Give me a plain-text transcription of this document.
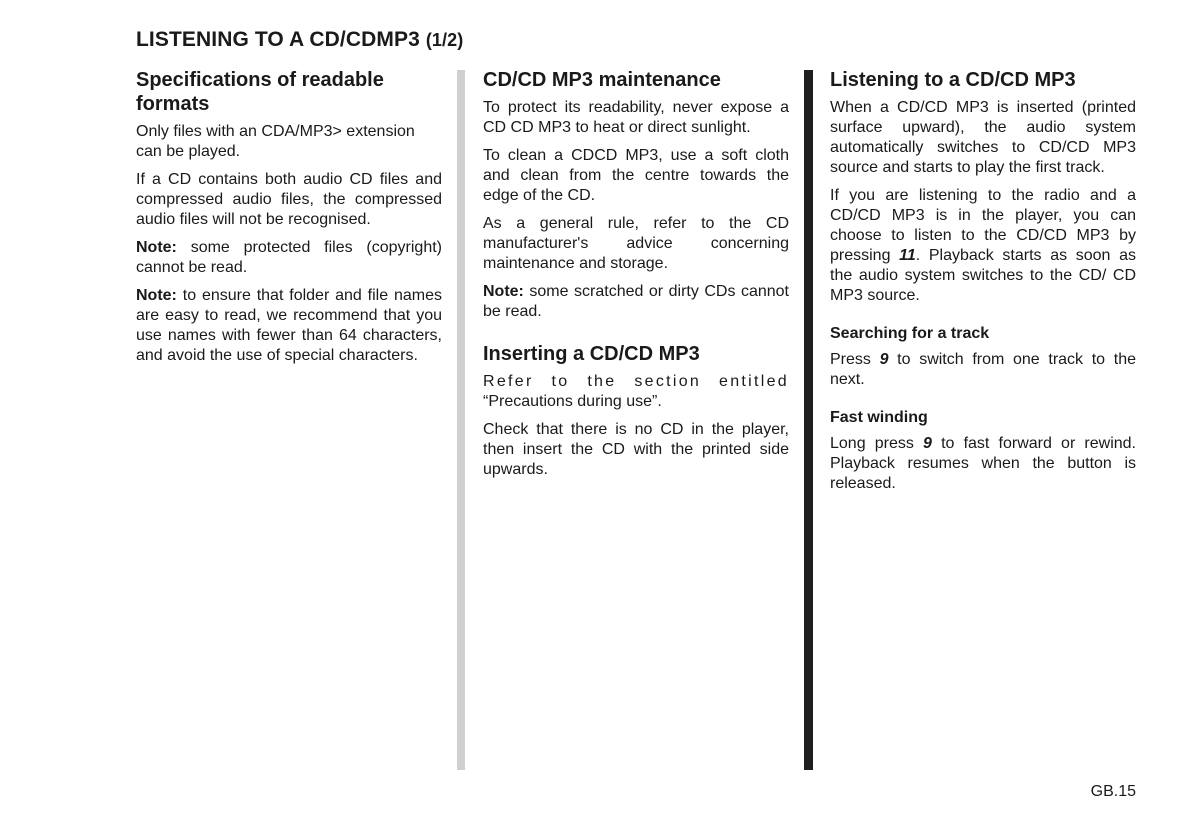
LISTENING TO A CD/CDMP3 (1/2)
Specifications of readable formats

Only files with an CDA/MP3> extension can be played.

If a CD contains both audio CD files and compressed audio files, the compressed audio files will not be recognised.

Note: some protected files (copyright) cannot be read.

Note: to ensure that folder and file names are easy to read, we recommend that you use names with fewer than 64 characters, and avoid the use of special characters.

CD/CD MP3 maintenance

To protect its readability, never expose a CD CD MP3 to heat or direct sunlight.

To clean a CDCD MP3, use a soft cloth and clean from the centre towards the edge of the CD.

As a general rule, refer to the CD manufacturer's advice concerning maintenance and storage.

Note: some scratched or dirty CDs cannot be read.

Inserting a CD/CD MP3

Refer to the section entitled
“Precautions during use”.

Check that there is no CD in the player, then insert the CD with the printed side upwards.

Listening to a CD/CD MP3

When a CD/CD MP3 is inserted (printed surface upward), the audio system automatically switches to CD/CD MP3 source and starts to play the first track.

If you are listening to the radio and a CD/CD MP3 is in the player, you can choose to listen to the CD/CD MP3 by pressing 11. Playback starts as soon as the audio system switches to the CD/ CD MP3 source.

Searching for a track

Press 9 to switch from one track to the next.

Fast winding

Long press 9 to fast forward or rewind. Playback resumes when the button is released.

GB.15
